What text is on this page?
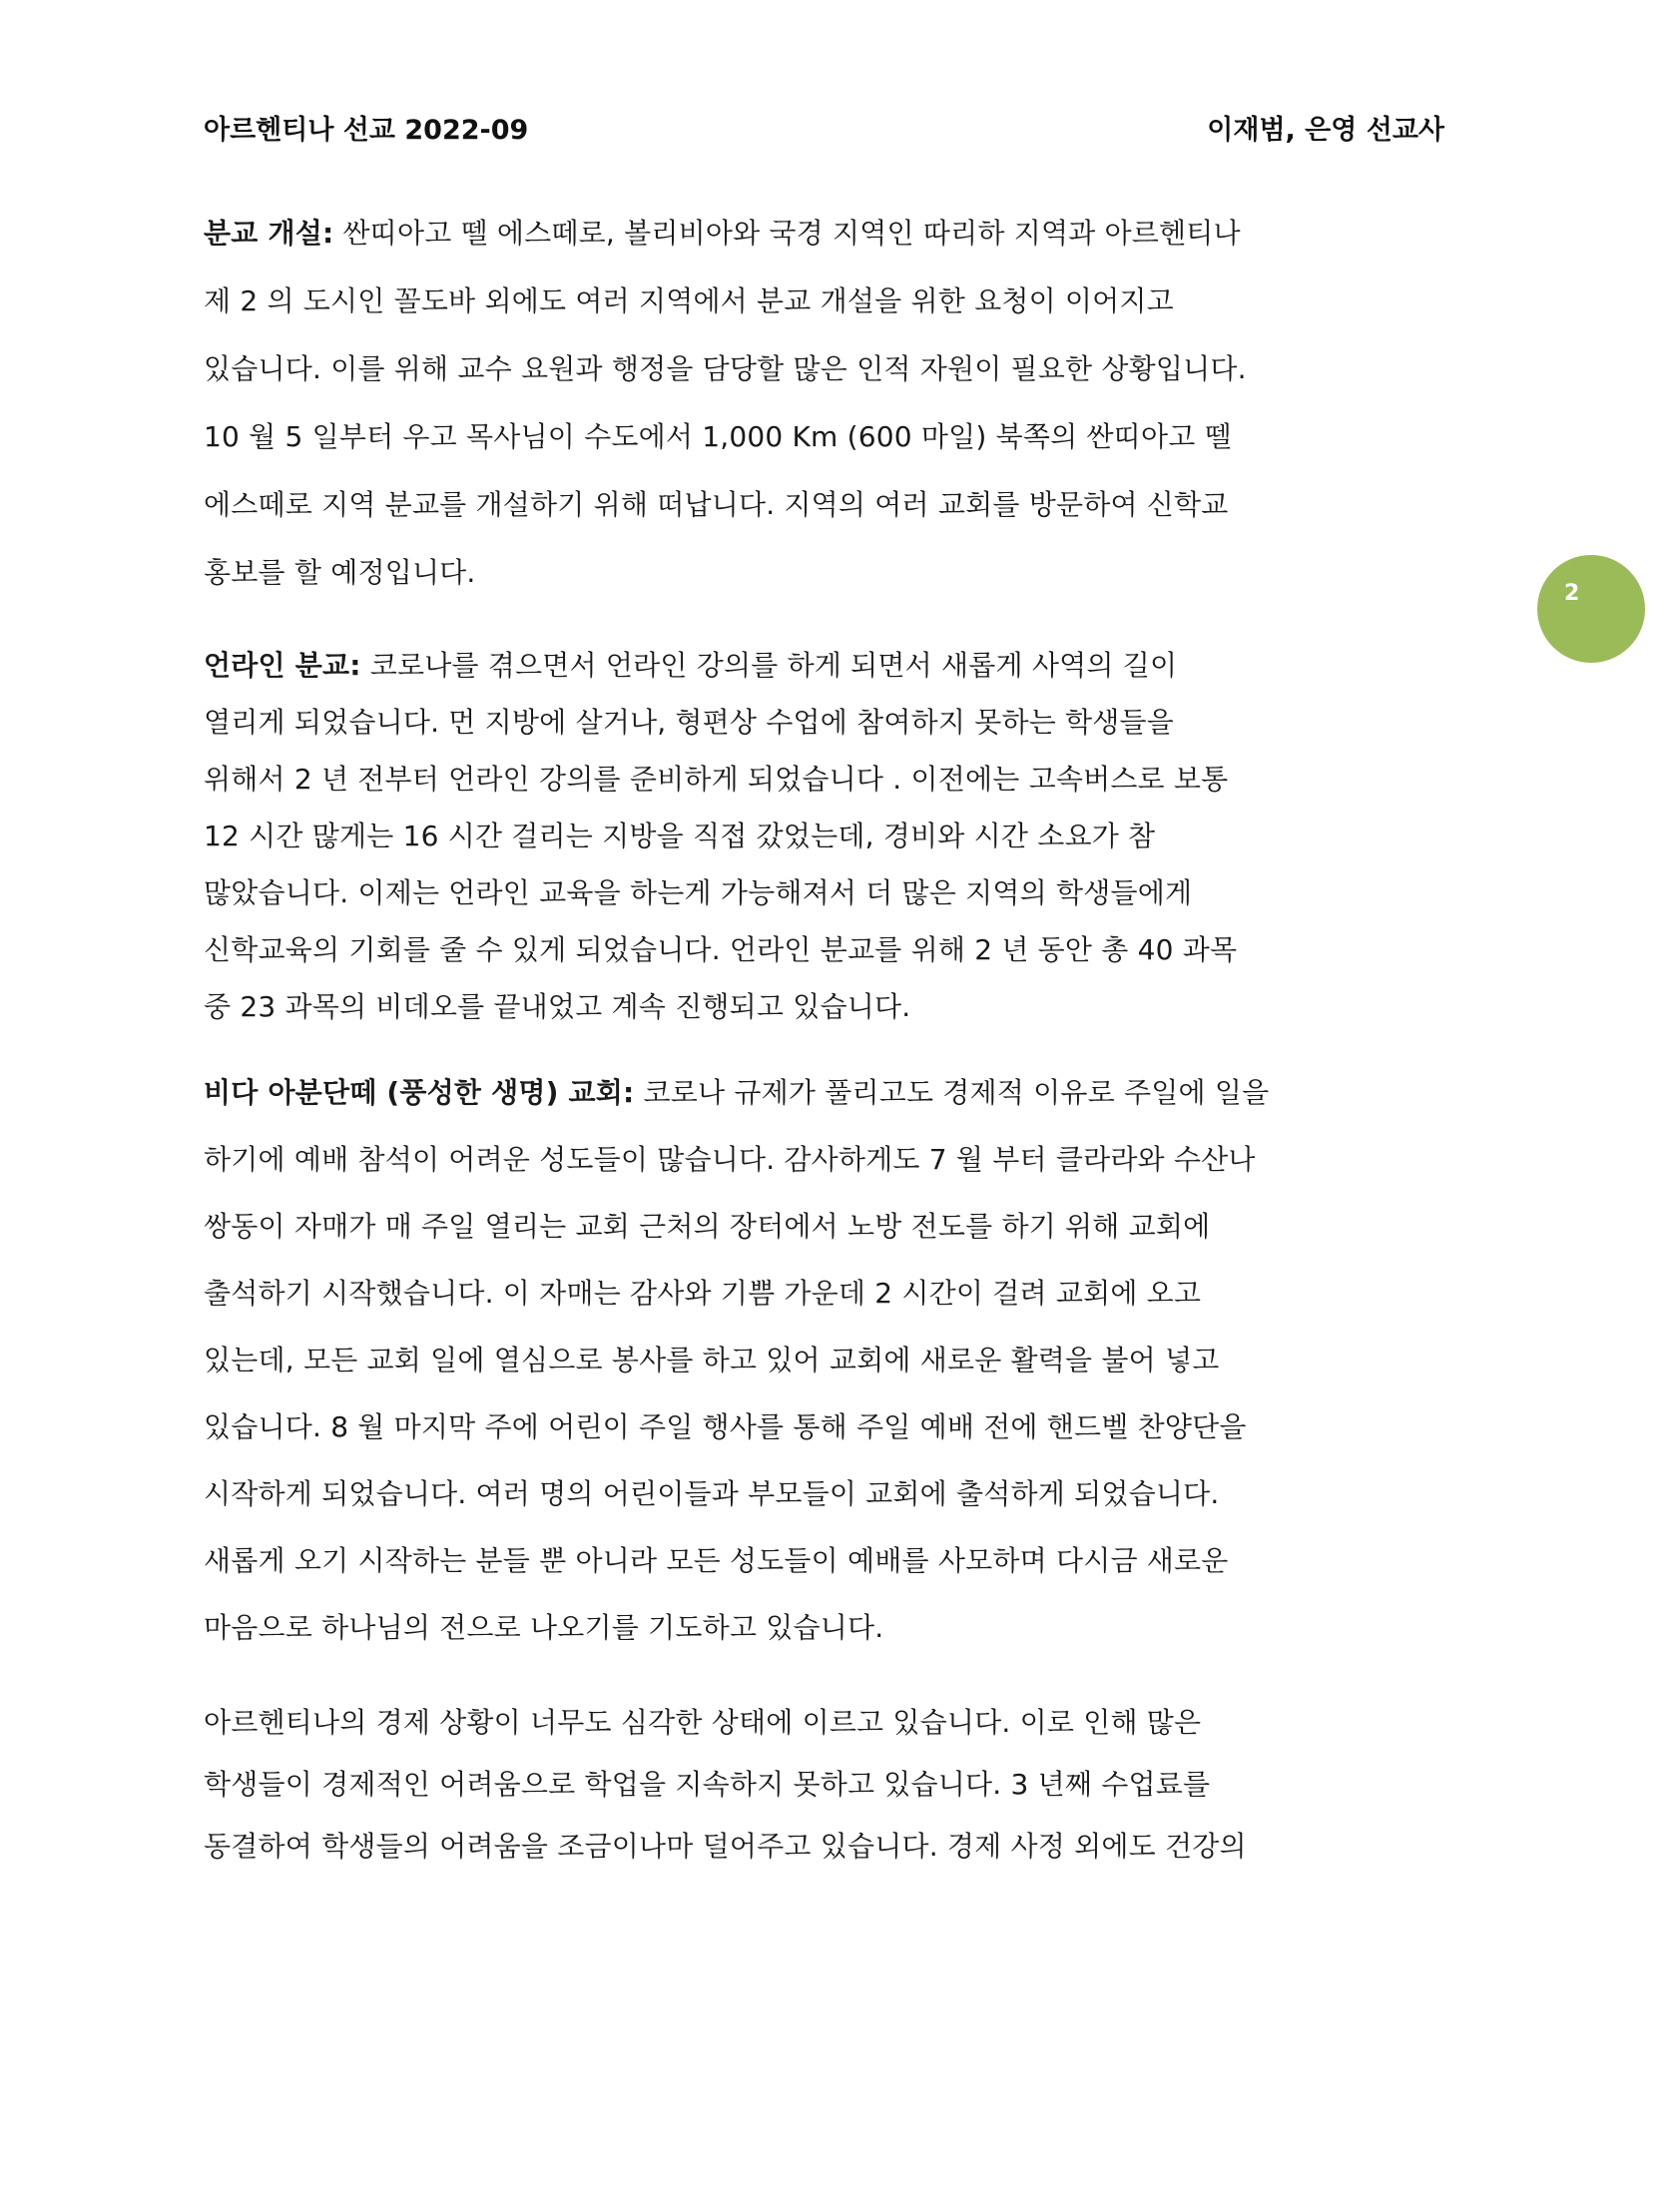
아르헨티나 선교 2022-09	이재범, 은영 선교사
2
분교 개설: 싼띠아고 뗄 에스떼로, 볼리비아와 국경 지역인 따리하 지역과 아르헨티나
제 2 의 도시인 꼴도바 외에도 여러 지역에서 분교 개설을 위한 요청이 이어지고
있습니다. 이를 위해 교수 요원과 행정을 담당할 많은 인적 자원이 필요한 상황입니다.
10 월 5 일부터 우고 목사님이 수도에서 1,000 Km (600 마일) 북쪽의 싼띠아고 뗄
에스떼로 지역 분교를 개설하기 위해 떠납니다. 지역의 여러 교회를 방문하여 신학교
홍보를 할 예정입니다.
언라인 분교: 코로나를 겪으면서 언라인 강의를 하게 되면서 새롭게 사역의 길이
열리게 되었습니다. 먼 지방에 살거나, 형편상 수업에 참여하지 못하는 학생들을
위해서 2 년 전부터 언라인 강의를 준비하게 되었습니다 . 이전에는 고속버스로 보통
12 시간 많게는 16 시간 걸리는 지방을 직접 갔었는데, 경비와 시간 소요가 참
많았습니다. 이제는 언라인 교육을 하는게 가능해져서 더 많은 지역의 학생들에게
신학교육의 기회를 줄 수 있게 되었습니다. 언라인 분교를 위해 2 년 동안 총 40 과목
중 23 과목의 비데오를 끝내었고 계속 진행되고 있습니다.
비다 아분단떼 (풍성한 생명) 교회: 코로나 규제가 풀리고도 경제적 이유로 주일에 일을
하기에 예배 참석이 어려운 성도들이 많습니다. 감사하게도 7 월 부터 클라라와 수산나
쌍동이 자매가 매 주일 열리는 교회 근처의 장터에서 노방 전도를 하기 위해 교회에
출석하기 시작했습니다. 이 자매는 감사와 기쁨 가운데 2 시간이 걸려 교회에 오고
있는데, 모든 교회 일에 열심으로 봉사를 하고 있어 교회에 새로운 활력을 불어 넣고
있습니다. 8 월 마지막 주에 어린이 주일 행사를 통해 주일 예배 전에 핸드벨 찬양단을
시작하게 되었습니다. 여러 명의 어린이들과 부모들이 교회에 출석하게 되었습니다.
새롭게 오기 시작하는 분들 뿐 아니라 모든 성도들이 예배를 사모하며 다시금 새로운
마음으로 하나님의 전으로 나오기를 기도하고 있습니다.
아르헨티나의 경제 상황이 너무도 심각한 상태에 이르고 있습니다. 이로 인해 많은
학생들이 경제적인 어려움으로 학업을 지속하지 못하고 있습니다. 3 년째 수업료를
동결하여 학생들의 어려움을 조금이나마 덜어주고 있습니다. 경제 사정 외에도 건강의
